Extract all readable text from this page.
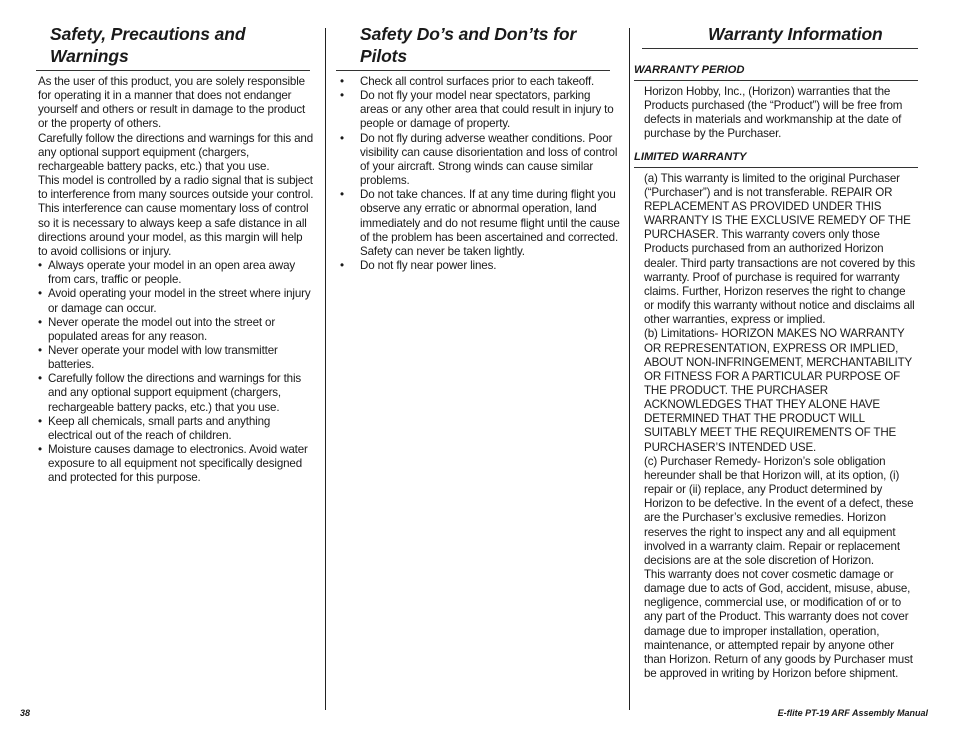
Safety, Precautions and Warnings

As the user of this product, you are solely responsible for operating it in a manner that does not endanger yourself and others or result in damage to the product or the property of others.

Carefully follow the directions and warnings for this and any optional support equipment (chargers, rechargeable battery packs, etc.) that you use.

This model is controlled by a radio signal that is subject to interference from many sources outside your control. This interference can cause momentary loss of control so it is necessary to always keep a safe distance in all directions around your model, as this margin will help to avoid collisions or injury.

• Always operate your model in an open area away from cars, traffic or people.
• Avoid operating your model in the street where injury or damage can occur.
• Never operate the model out into the street or populated areas for any reason.
• Never operate your model with low transmitter batteries.
• Carefully follow the directions and warnings for this and any optional support equipment (chargers, rechargeable battery packs, etc.) that you use.
• Keep all chemicals, small parts and anything electrical out of the reach of children.
• Moisture causes damage to electronics. Avoid water exposure to all equipment not specifically designed and protected for this purpose.
Safety Do’s and Don’ts for Pilots
•	Check all control surfaces prior to each takeoff.
•	Do not fly your model near spectators, parking areas or any other area that could result in injury to people or damage of property.
•	Do not fly during adverse weather conditions. Poor visibility can cause disorientation and loss of control of your aircraft. Strong winds can cause similar problems.
•	Do not take chances. If at any time during flight you observe any erratic or abnormal operation, land immediately and do not resume flight until the cause of the problem has been ascertained and corrected. Safety can never be taken lightly.
•	Do not fly near power lines.
Warranty Information
WARRANTY PERIOD

Horizon Hobby, Inc., (Horizon) warranties that the Products purchased (the “Product”) will be free from defects in materials and workmanship at the date of purchase by the Purchaser.

LIMITED WARRANTY

(a) This warranty is limited to the original Purchaser (“Purchaser”) and is not transferable. REPAIR OR REPLACEMENT AS PROVIDED UNDER THIS WARRANTY IS THE EXCLUSIVE REMEDY OF THE PURCHASER. This warranty covers only those Products purchased from an authorized Horizon dealer. Third party transactions are not covered by this warranty. Proof of purchase is required for warranty claims. Further, Horizon reserves the right to change or modify this warranty without notice and disclaims all other warranties, express or implied.

(b) Limitations- HORIZON MAKES NO WARRANTY OR REPRESENTATION, EXPRESS OR IMPLIED, ABOUT NON-INFRINGEMENT, MERCHANTABILITY OR FITNESS FOR A PARTICULAR PURPOSE OF THE PRODUCT. THE PURCHASER ACKNOWLEDGES THAT THEY ALONE HAVE DETERMINED THAT THE PRODUCT WILL SUITABLY MEET THE REQUIREMENTS OF THE PURCHASER’S INTENDED USE.

(c) Purchaser Remedy- Horizon’s sole obligation hereunder shall be that Horizon will, at its option, (i) repair or (ii) replace, any Product determined by Horizon to be defective. In the event of a defect, these are the Purchaser’s exclusive remedies. Horizon reserves the right to inspect any and all equipment involved in a warranty claim. Repair or replacement decisions are at the sole discretion of Horizon.

This warranty does not cover cosmetic damage or damage due to acts of God, accident, misuse, abuse, negligence, commercial use, or modification of or to any part of the Product. This warranty does not cover damage due to improper installation, operation, maintenance, or attempted repair by anyone other than Horizon. Return of any goods by Purchaser must be approved in writing by Horizon before shipment.

38	E-flite PT-19 ARF Assembly Manual
